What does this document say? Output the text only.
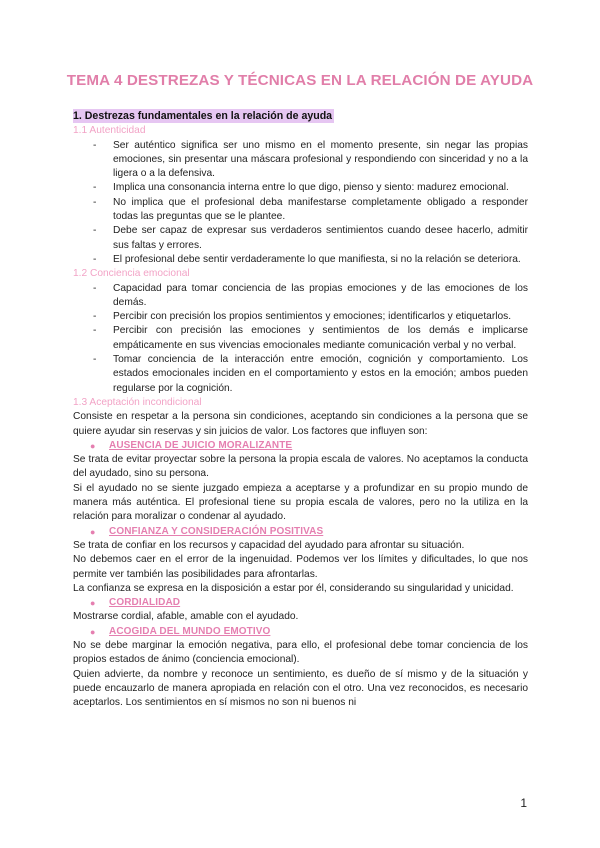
TEMA 4 DESTREZAS Y TÉCNICAS EN LA RELACIÓN DE AYUDA
1. Destrezas fundamentales en la relación de ayuda
1.1 Autenticidad
- Ser auténtico significa ser uno mismo en el momento presente, sin negar las propias emociones, sin presentar una máscara profesional y respondiendo con sinceridad y no a la ligera o a la defensiva.
- Implica una consonancia interna entre lo que digo, pienso y siento: madurez emocional.
- No implica que el profesional deba manifestarse completamente obligado a responder todas las preguntas que se le plantee.
- Debe ser capaz de expresar sus verdaderos sentimientos cuando desee hacerlo, admitir sus faltas y errores.
- El profesional debe sentir verdaderamente lo que manifiesta, si no la relación se deteriora.
1.2 Conciencia emocional
- Capacidad para tomar conciencia de las propias emociones y de las emociones de los demás.
- Percibir con precisión los propios sentimientos y emociones; identificarlos y etiquetarlos.
- Percibir con precisión las emociones y sentimientos de los demás e implicarse empáticamente en sus vivencias emocionales mediante comunicación verbal y no verbal.
- Tomar conciencia de la interacción entre emoción, cognición y comportamiento. Los estados emocionales inciden en el comportamiento y estos en la emoción; ambos pueden regularse por la cognición.
1.3 Aceptación incondicional

Consiste en respetar a la persona sin condiciones, aceptando sin condiciones a la persona que se quiere ayudar sin reservas y sin juicios de valor. Los factores que influyen son:

● AUSENCIA DE JUICIO MORALIZANTE

Se trata de evitar proyectar sobre la persona la propia escala de valores. No aceptamos la conducta del ayudado, sino su persona.

Si el ayudado no se siente juzgado empieza a aceptarse y a profundizar en su propio mundo de manera más auténtica. El profesional tiene su propia escala de valores, pero no la utiliza en la relación para moralizar o condenar al ayudado.

● CONFIANZA Y CONSIDERACIÓN POSITIVAS

Se trata de confiar en los recursos y capacidad del ayudado para afrontar su situación.

No debemos caer en el error de la ingenuidad. Podemos ver los límites y dificultades, lo que nos permite ver también las posibilidades para afrontarlas.

La confianza se expresa en la disposición a estar por él, considerando su singularidad y unicidad.

● CORDIALIDAD

Mostrarse cordial, afable, amable con el ayudado.

● ACOGIDA DEL MUNDO EMOTIVO

No se debe marginar la emoción negativa, para ello, el profesional debe tomar conciencia de los propios estados de ánimo (conciencia emocional).

Quien advierte, da nombre y reconoce un sentimiento, es dueño de sí mismo y de la situación y puede encauzarlo de manera apropiada en relación con el otro. Una vez reconocidos, es necesario aceptarlos. Los sentimientos en sí mismos no son ni buenos ni

1
